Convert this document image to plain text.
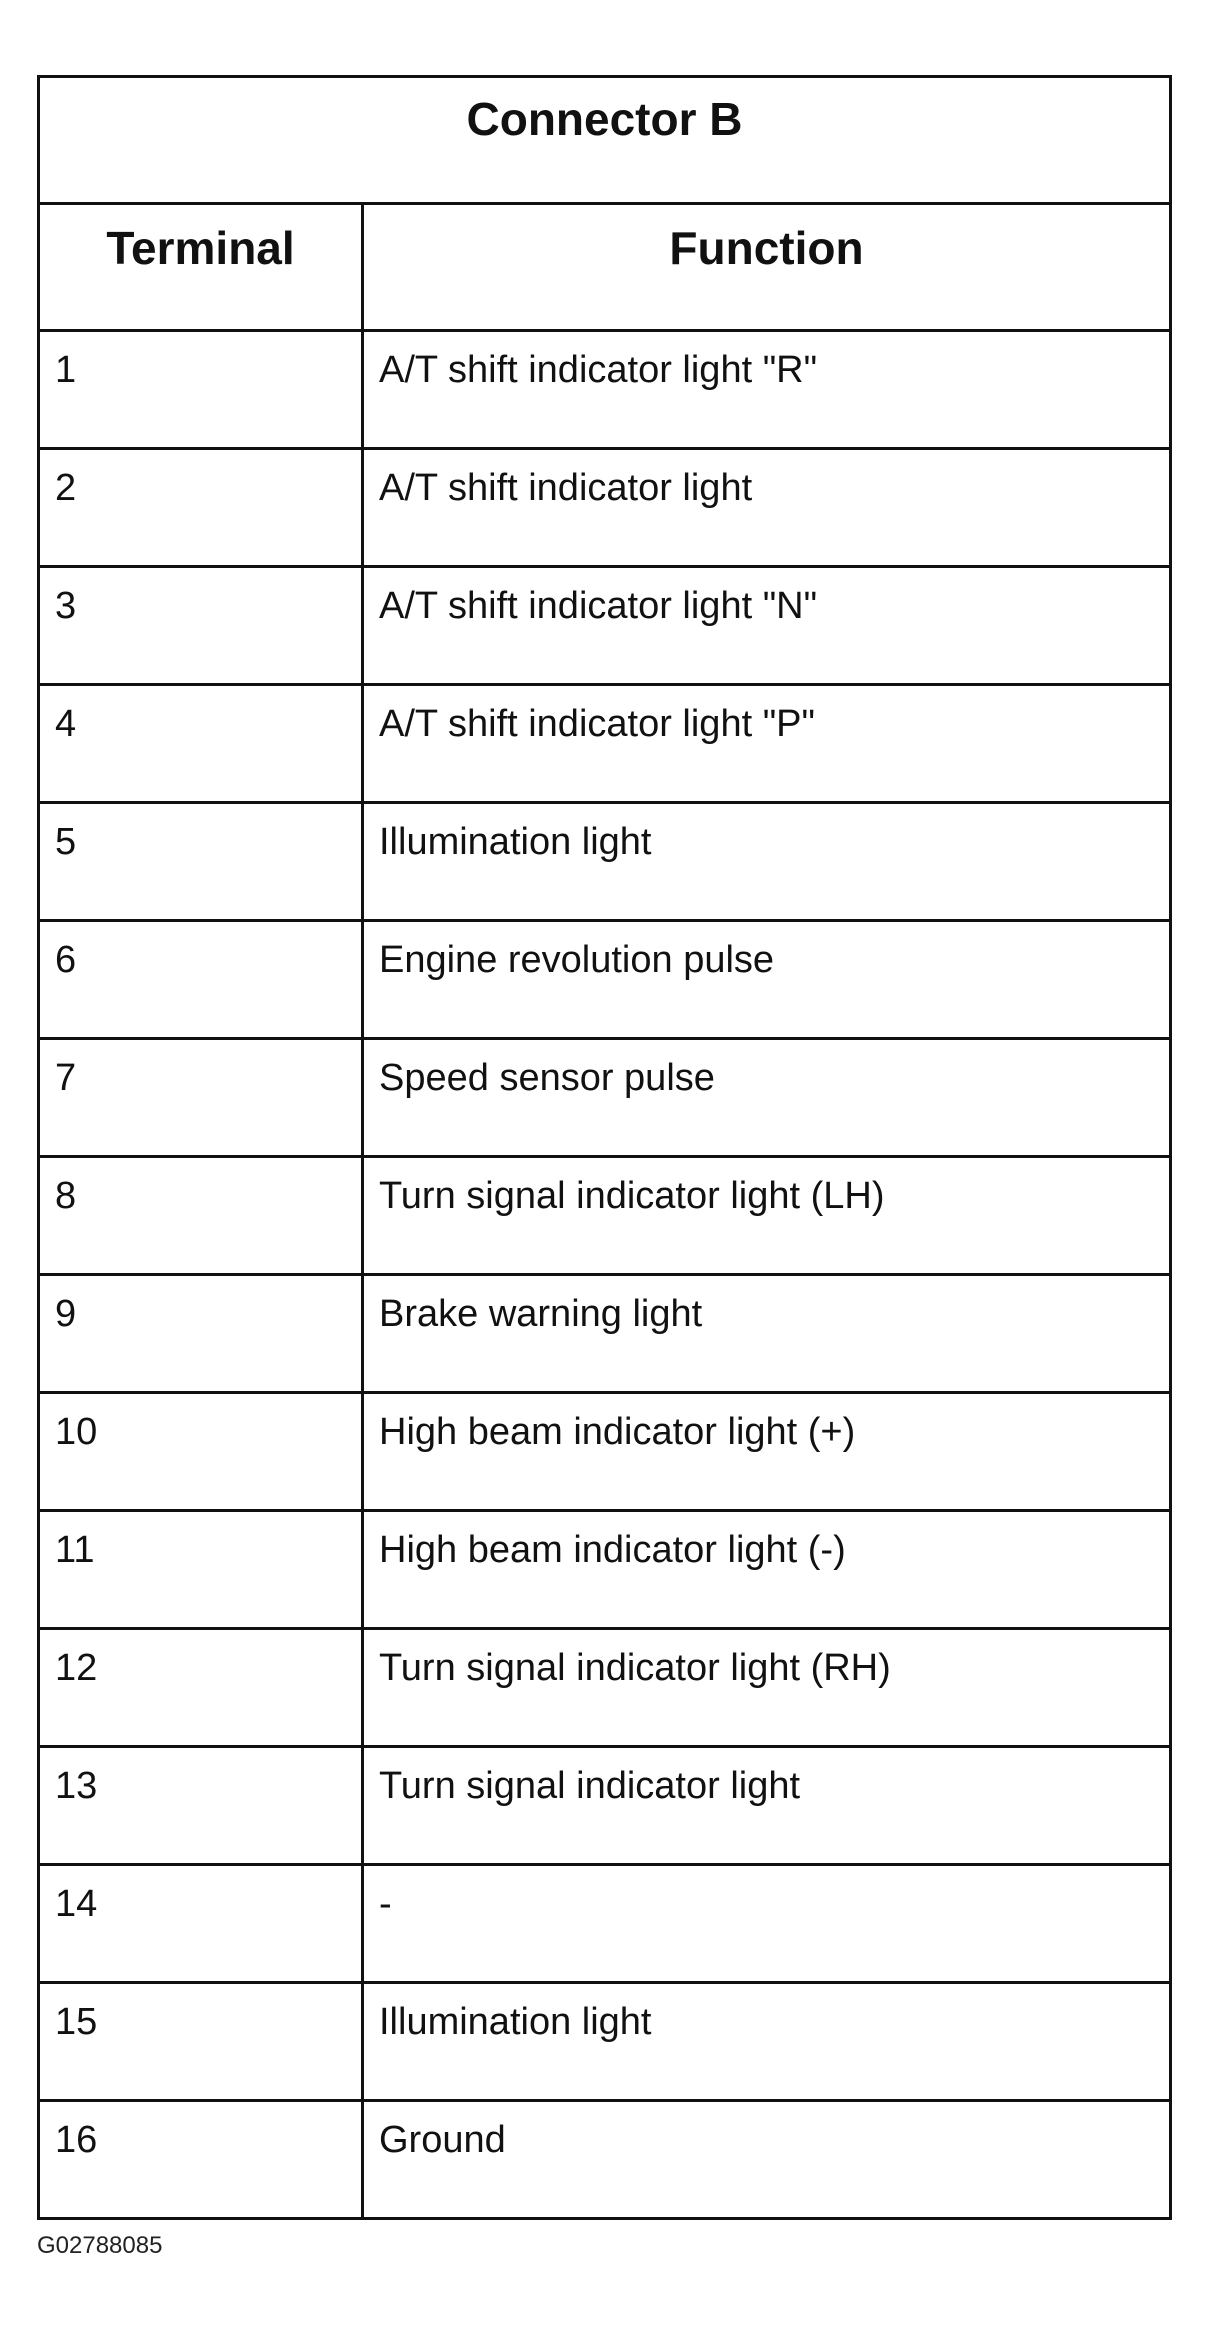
Connector B	

Terminal	Function

1	A/T shift indicator light "R"

2	A/T shift indicator light

3	A/T shift indicator light "N"

4	A/T shift indicator light "P"

5	Illumination light

6	Engine revolution pulse

7	Speed sensor pulse

8	Turn signal indicator light (LH)

9	Brake warning light

10	High beam indicator light (+)

11	High beam indicator light (-)

12	Turn signal indicator light (RH)

13	Turn signal indicator light

14	-

15	Illumination light

16	Ground
G02788085
